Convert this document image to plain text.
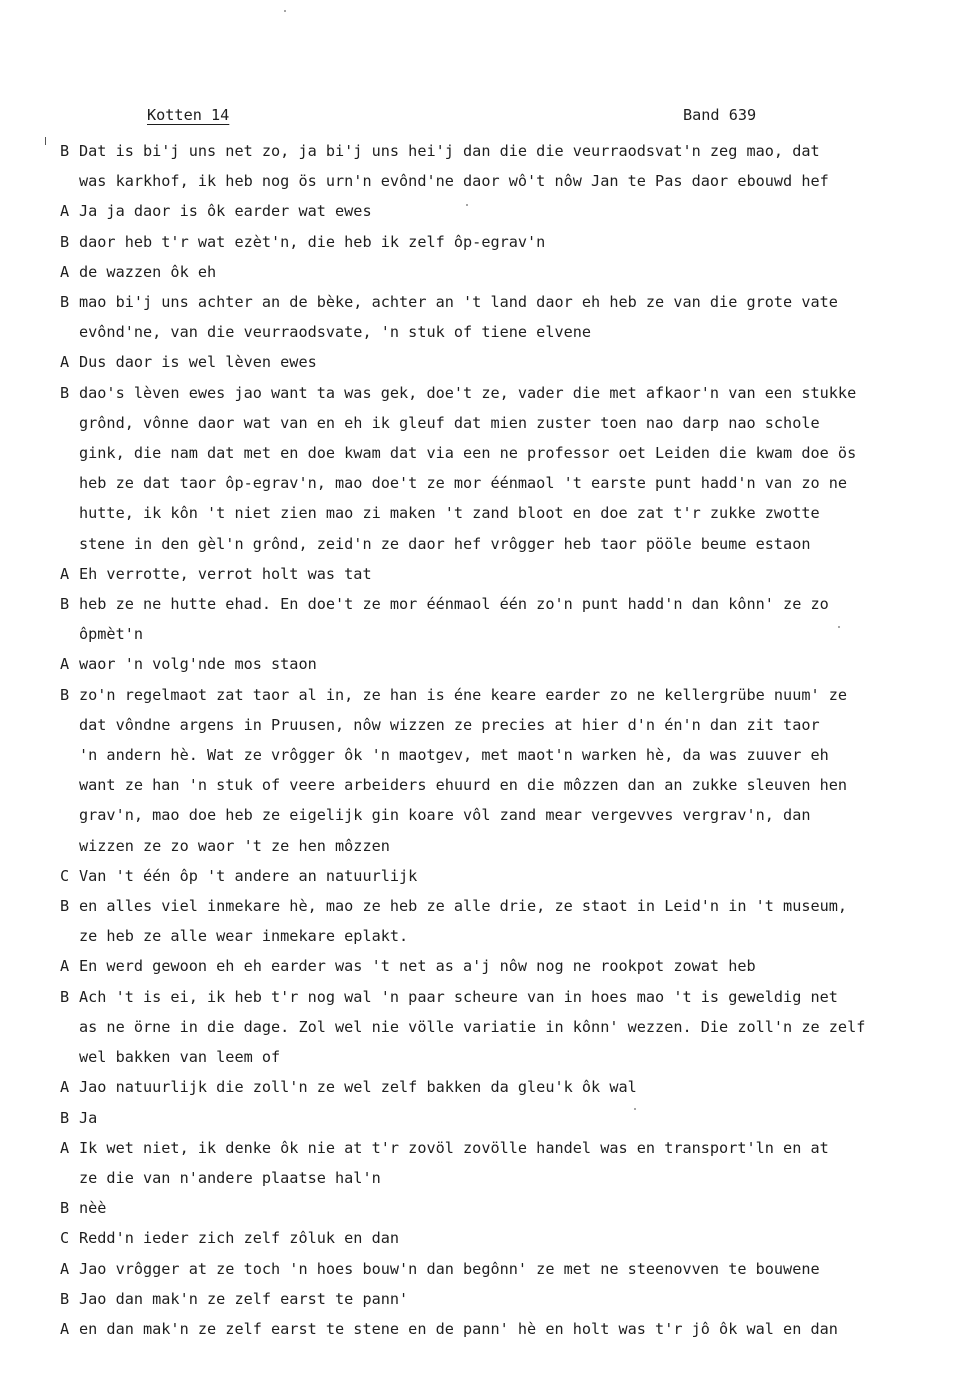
Kotten 14	Band 639
B Dat is bi'j uns net zo, ja bi'j uns hei'j dan die die veurraodsvat'n zeg mao, dat
was karkhof, ik heb nog ös urn'n evônd'ne daor wô't nôw Jan te Pas daor ebouwd hef
A Ja ja daor is ôk earder wat ewes
B daor heb t'r wat ezèt'n, die heb ik zelf ôp-egrav'n
A de wazzen ôk eh
B mao bi'j uns achter an de bèke, achter an 't land daor eh heb ze van die grote vate
evônd'ne, van die veurraodsvate, 'n stuk of tiene elvene
A Dus daor is wel lèven ewes
B dao's lèven ewes jao want ta was gek, doe't ze, vader die met afkaor'n van een stukke
grônd, vônne daor wat van en eh ik gleuf dat mien zuster toen nao darp nao schole
gink, die nam dat met en doe kwam dat via een ne professor oet Leiden die kwam doe ös
heb ze dat taor ôp-egrav'n, mao doe't ze mor éénmaol 't earste punt hadd'n van zo ne
hutte, ik kôn 't niet zien mao zi maken 't zand bloot en doe zat t'r zukke zwotte
stene in den gèl'n grônd, zeid'n ze daor hef vrôgger heb taor pööle beume estaon
A Eh verrotte, verrot holt was tat
B heb ze ne hutte ehad. En doe't ze mor éénmaol één zo'n punt hadd'n dan kônn' ze zo
ôpmèt'n
A waor 'n volg'nde mos staon
B zo'n regelmaot zat taor al in, ze han is éne keare earder zo ne kellergrübe nuum' ze
dat vôndne argens in Pruusen, nôw wizzen ze precies at hier d'n én'n dan zit taor
'n andern hè. Wat ze vrôgger ôk 'n maotgev, met maot'n warken hè, da was zuuver eh
want ze han 'n stuk of veere arbeiders ehuurd en die môzzen dan an zukke sleuven hen
grav'n, mao doe heb ze eigelijk gin koare vôl zand mear vergevves vergrav'n, dan
wizzen ze zo waor 't ze hen môzzen
C Van 't één ôp 't andere an natuurlijk
B en alles viel inmekare hè, mao ze heb ze alle drie, ze staot in Leid'n in 't museum,
ze heb ze alle wear inmekare eplakt.
A En werd gewoon eh eh earder was 't net as a'j nôw nog ne rookpot zowat heb
B Ach 't is ei, ik heb t'r nog wal 'n paar scheure van in hoes mao 't is geweldig net
as ne örne in die dage. Zol wel nie völle variatie in kônn' wezzen. Die zoll'n ze zelf
wel bakken van leem of
A Jao natuurlijk die zoll'n ze wel zelf bakken da gleu'k ôk wal
B Ja
A Ik wet niet, ik denke ôk nie at t'r zovöl zovölle handel was en transport'ln en at
ze die van n'andere plaatse hal'n
B nèè
C Redd'n ieder zich zelf zôluk en dan
A Jao vrôgger at ze toch 'n hoes bouw'n dan begônn' ze met ne steenovven te bouwene
B Jao dan mak'n ze zelf earst te pann'
A en dan mak'n ze zelf earst te stene en de pann' hè en holt was t'r jô ôk wal en dan
